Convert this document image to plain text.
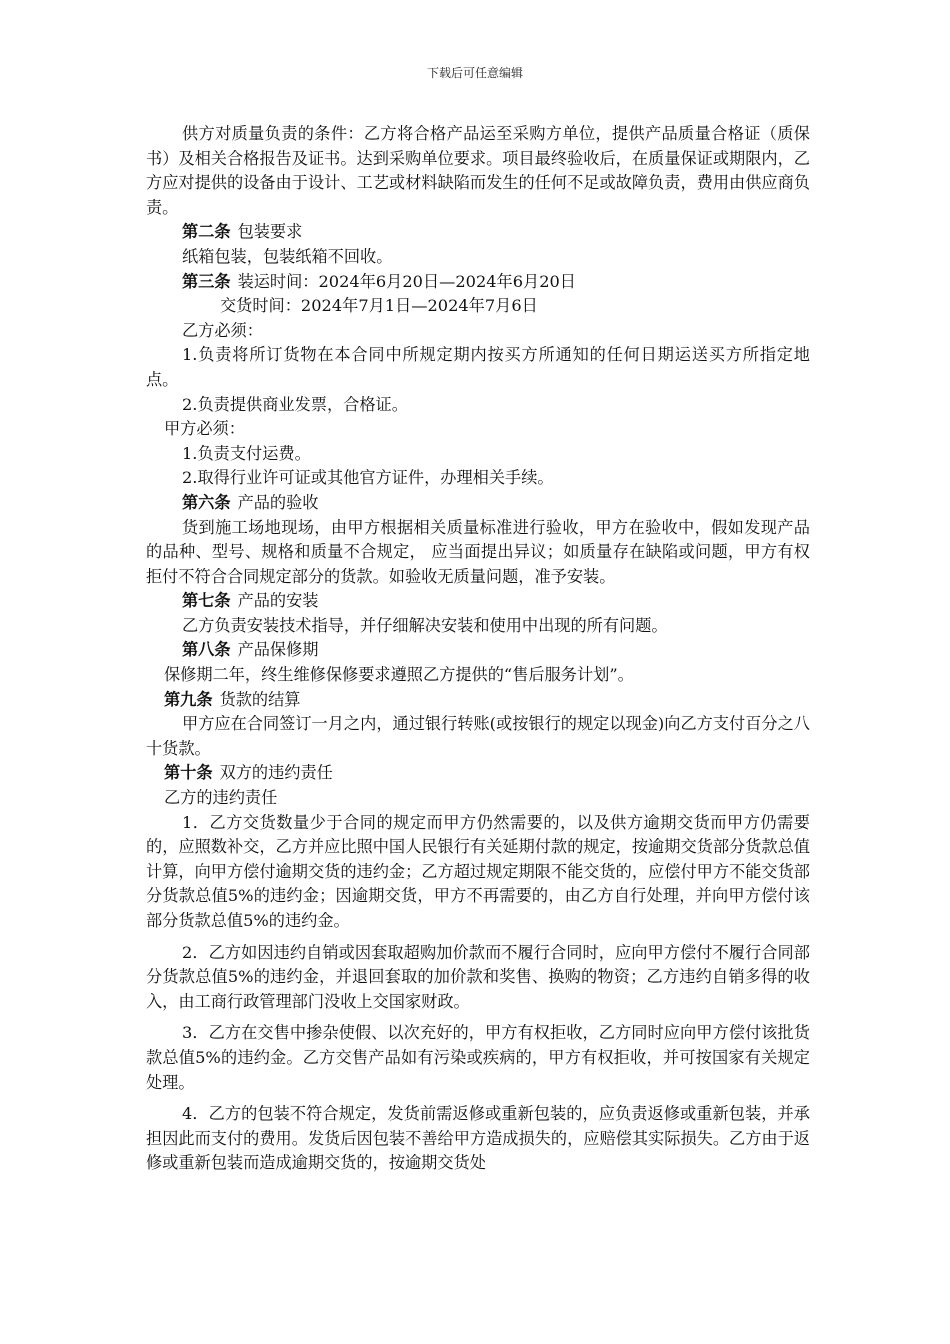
下载后可任意编辑

供方对质量负责的条件：乙方将合格产品运至采购方单位，提供产品质量合格证（质保书）及相关合格报告及证书。达到采购单位要求。项目最终验收后，在质量保证或期限内，乙方应对提供的设备由于设计、工艺或材料缺陷而发生的任何不足或故障负责，费用由供应商负责。

第二条 包装要求

纸箱包装，包装纸箱不回收。

第三条 装运时间：2024年6月20日—2024年6月20日

交货时间：2024年7月1日—2024年7月6日

乙方必须：

1.负责将所订货物在本合同中所规定期内按买方所通知的任何日期运送买方所指定地点。

2.负责提供商业发票，合格证。

甲方必须：

1.负责支付运费。

2.取得行业许可证或其他官方证件，办理相关手续。

第六条 产品的验收

货到施工场地现场，由甲方根据相关质量标准进行验收，甲方在验收中，假如发现产品的品种、型号、规格和质量不合规定， 应当面提出异议；如质量存在缺陷或问题，甲方有权拒付不符合合同规定部分的货款。如验收无质量问题，准予安装。

第七条 产品的安装

乙方负责安装技术指导，并仔细解决安装和使用中出现的所有问题。

第八条 产品保修期

保修期二年，终生维修保修要求遵照乙方提供的“售后服务计划”。

第九条 货款的结算

甲方应在合同签订一月之内，通过银行转账(或按银行的规定以现金)向乙方支付百分之八十货款。

第十条 双方的违约责任

乙方的违约责任

1．乙方交货数量少于合同的规定而甲方仍然需要的，以及供方逾期交货而甲方仍需要的，应照数补交，乙方并应比照中国人民银行有关延期付款的规定，按逾期交货部分货款总值计算，向甲方偿付逾期交货的违约金；乙方超过规定期限不能交货的，应偿付甲方不能交货部分货款总值5%的违约金；因逾期交货，甲方不再需要的，由乙方自行处理，并向甲方偿付该部分货款总值5%的违约金。

2．乙方如因违约自销或因套取超购加价款而不履行合同时，应向甲方偿付不履行合同部分货款总值5%的违约金，并退回套取的加价款和奖售、换购的物资；乙方违约自销多得的收入，由工商行政管理部门没收上交国家财政。

3．乙方在交售中掺杂使假、以次充好的，甲方有权拒收，乙方同时应向甲方偿付该批货款总值5%的违约金。乙方交售产品如有污染或疾病的，甲方有权拒收，并可按国家有关规定处理。

4．乙方的包装不符合规定，发货前需返修或重新包装的，应负责返修或重新包装，并承担因此而支付的费用。发货后因包装不善给甲方造成损失的，应赔偿其实际损失。乙方由于返修或重新包装而造成逾期交货的，按逾期交货处
